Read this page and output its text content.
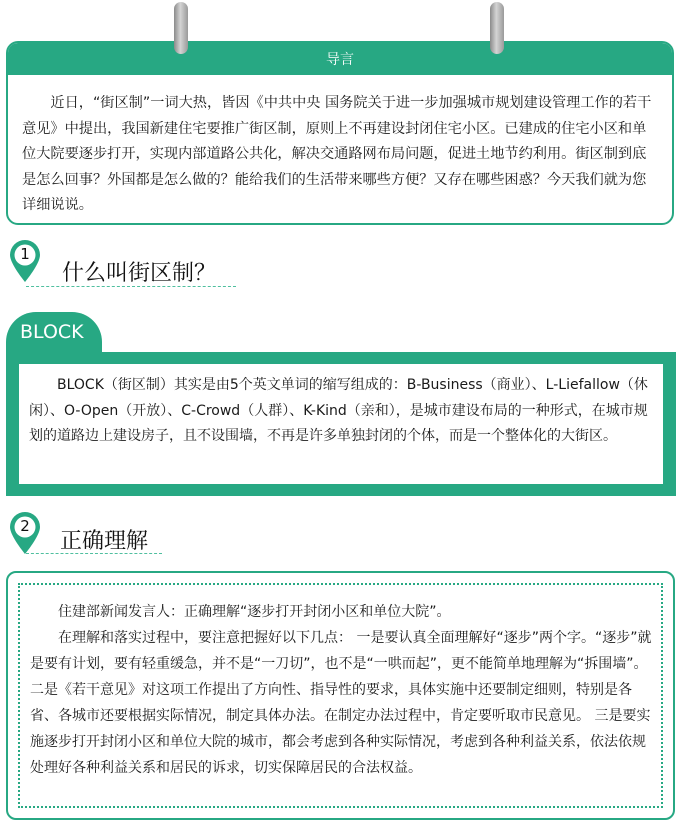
导言
近日，“街区制”一词大热，皆因《中共中央 国务院关于进一步加强城市规划建设管理工作的若干意见》中提出，我国新建住宅要推广街区制，原则上不再建设封闭住宅小区。已建成的住宅小区和单位大院要逐步打开，实现内部道路公共化，解决交通路网布局问题，促进土地节约利用。街区制到底是怎么回事？外国都是怎么做的？能给我们的生活带来哪些方便？又存在哪些困惑？今天我们就为您详细说说。
1
什么叫街区制？
BLOCK
BLOCK（街区制）其实是由5个英文单词的缩写组成的：B-Business（商业）、L-Liefallow（休闲）、O-Open（开放）、C-Crowd（人群）、K-Kind（亲和），是城市建设布局的一种形式，在城市规划的道路边上建设房子，且不设围墙，不再是许多单独封闭的个体，而是一个整体化的大街区。
2
正确理解

住建部新闻发言人：正确理解“逐步打开封闭小区和单位大院”。

在理解和落实过程中，要注意把握好以下几点： 一是要认真全面理解好“逐步”两个字。“逐步”就是要有计划，要有轻重缓急，并不是“一刀切”，也不是“一哄而起”，更不能简单地理解为“拆围墙”。 二是《若干意见》对这项工作提出了方向性、指导性的要求，具体实施中还要制定细则，特别是各省、各城市还要根据实际情况，制定具体办法。在制定办法过程中，肯定要听取市民意见。 三是要实施逐步打开封闭小区和单位大院的城市，都会考虑到各种实际情况，考虑到各种利益关系，依法依规处理好各种利益关系和居民的诉求，切实保障居民的合法权益。
